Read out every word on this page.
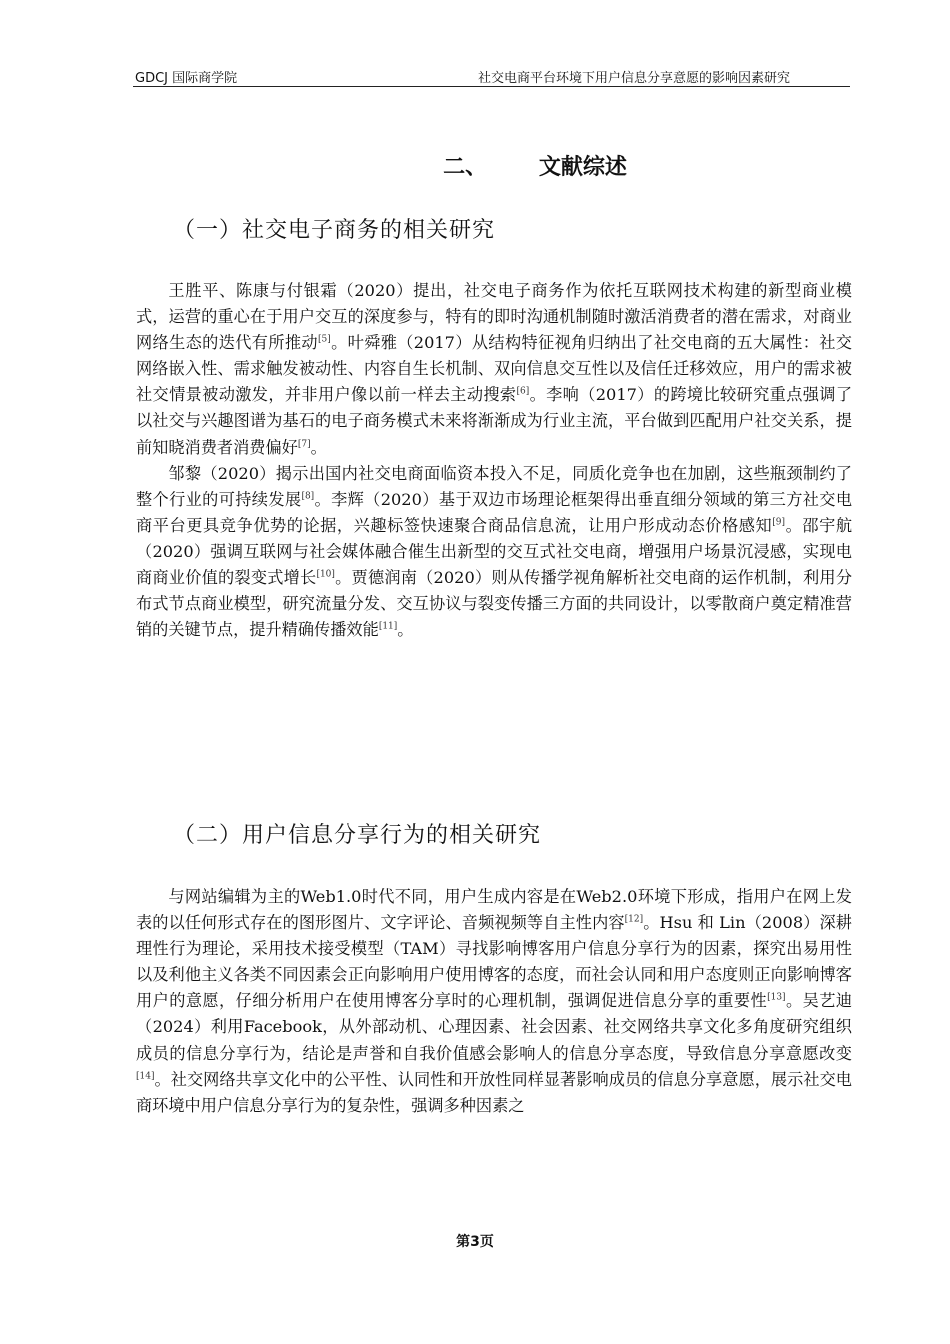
GDCJ 国际商学院	社交电商平台环境下用户信息分享意愿的影响因素研究
二、 文献综述
（一）社交电子商务的相关研究

王胜平、陈康与付银霜（2020）提出，社交电子商务作为依托互联网技术构建的新型商业模式，运营的重心在于用户交互的深度参与，特有的即时沟通机制随时激活消费者的潜在需求，对商业网络生态的迭代有所推动[5]。叶舜雅（2017）从结构特征视角归纳出了社交电商的五大属性：社交网络嵌入性、需求触发被动性、内容自生长机制、双向信息交互性以及信任迁移效应，用户的需求被社交情景被动激发，并非用户像以前一样去主动搜索[6]。李响（2017）的跨境比较研究重点强调了以社交与兴趣图谱为基石的电子商务模式未来将渐渐成为行业主流，平台做到匹配用户社交关系，提前知晓消费者消费偏好[7]。

邹黎（2020）揭示出国内社交电商面临资本投入不足，同质化竞争也在加剧，这些瓶颈制约了整个行业的可持续发展[8]。李辉（2020）基于双边市场理论框架得出垂直细分领域的第三方社交电商平台更具竞争优势的论据，兴趣标签快速聚合商品信息流，让用户形成动态价格感知[9]。邵宇航（2020）强调互联网与社会媒体融合催生出新型的交互式社交电商，增强用户场景沉浸感，实现电商商业价值的裂变式增长[10]。贾德润南（2020）则从传播学视角解析社交电商的运作机制，利用分布式节点商业模型，研究流量分发、交互协议与裂变传播三方面的共同设计，以零散商户奠定精准营销的关键节点，提升精确传播效能[11]。

（二）用户信息分享行为的相关研究

与网站编辑为主的Web1.0时代不同，用户生成内容是在Web2.0环境下形成，指用户在网上发表的以任何形式存在的图形图片、文字评论、音频视频等自主性内容[12]。Hsu 和 Lin（2008）深耕理性行为理论，采用技术接受模型（TAM）寻找影响博客用户信息分享行为的因素，探究出易用性以及利他主义各类不同因素会正向影响用户使用博客的态度，而社会认同和用户态度则正向影响博客用户的意愿，仔细分析用户在使用博客分享时的心理机制，强调促进信息分享的重要性[13]。吴艺迪（2024）利用Facebook，从外部动机、心理因素、社会因素、社交网络共享文化多角度研究组织成员的信息分享行为，结论是声誉和自我价值感会影响人的信息分享态度，导致信息分享意愿改变[14]。社交网络共享文化中的公平性、认同性和开放性同样显著影响成员的信息分享意愿，展示社交电商环境中用户信息分享行为的复杂性，强调多种因素之

第3页
